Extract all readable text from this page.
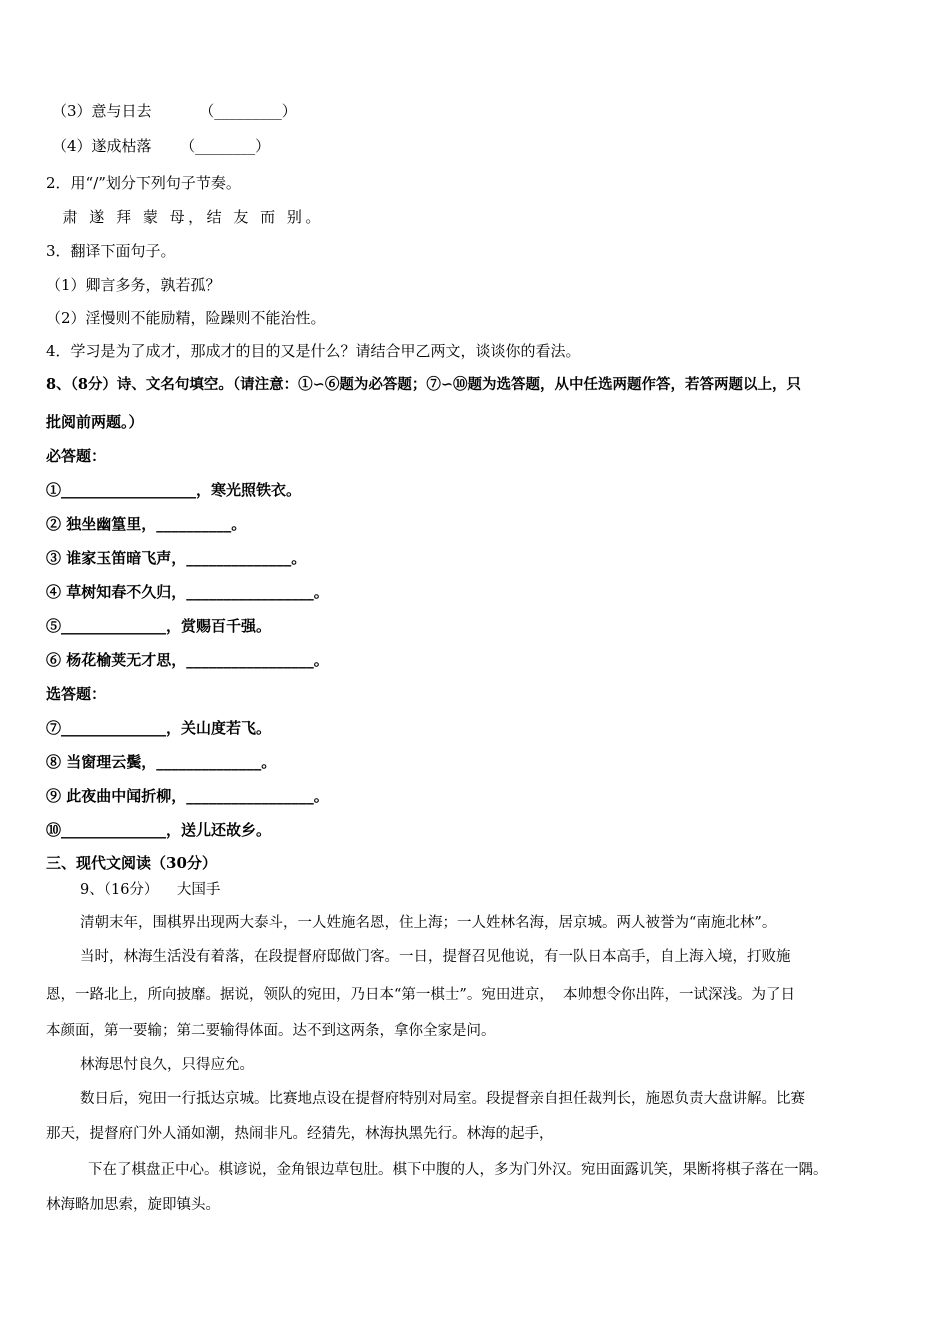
（3）意与日去          （_________）
（4）遂成枯落      （________）
2．用“/”划分下列句子节奏。
肃 遂 拜 蒙 母，结 友 而 别。
3．翻译下面句子。
（1）卿言多务，孰若孤？
（2）淫慢则不能励精，险躁则不能治性。
4．学习是为了成才，那成才的目的又是什么？请结合甲乙两文，谈谈你的看法。
8、（8分）诗、文名句填空。（请注意：①∽⑥题为必答题；⑦∽⑩题为选答题，从中任选两题作答，若答两题以上，只
批阅前两题。）
必答题：
①__________________，寒光照铁衣。
② 独坐幽篁里，__________。
③ 谁家玉笛暗飞声，______________。
④ 草树知春不久归，_________________。
⑤______________，赏赐百千强。
⑥ 杨花榆荚无才思，_________________。
选答题：
⑦______________，关山度若飞。
⑧ 当窗理云鬓，______________。
⑨ 此夜曲中闻折柳，_________________。
⑩______________，送儿还故乡。
三、现代文阅读（30分）
9、（16分）    大国手
清朝末年，围棋界出现两大泰斗，一人姓施名恩，住上海；一人姓林名海，居京城。两人被誉为“南施北林”。
当时，林海生活没有着落，在段提督府邸做门客。一日，提督召见他说，有一队日本高手，自上海入境，打败施
恩，一路北上，所向披靡。据说，领队的宛田，乃日本“第一棋士”。宛田进京，  本帅想令你出阵，一试深浅。为了日
本颜面，第一要输；第二要输得体面。达不到这两条，拿你全家是问。
林海思忖良久，只得应允。
数日后，宛田一行抵达京城。比赛地点设在提督府特别对局室。段提督亲自担任裁判长，施恩负责大盘讲解。比赛
那天，提督府门外人涌如潮，热闹非凡。经猜先，林海执黑先行。林海的起手，
下在了棋盘正中心。棋谚说，金角银边草包肚。棋下中腹的人，多为门外汉。宛田面露讥笑，果断将棋子落在一隅。
林海略加思索，旋即镇头。
